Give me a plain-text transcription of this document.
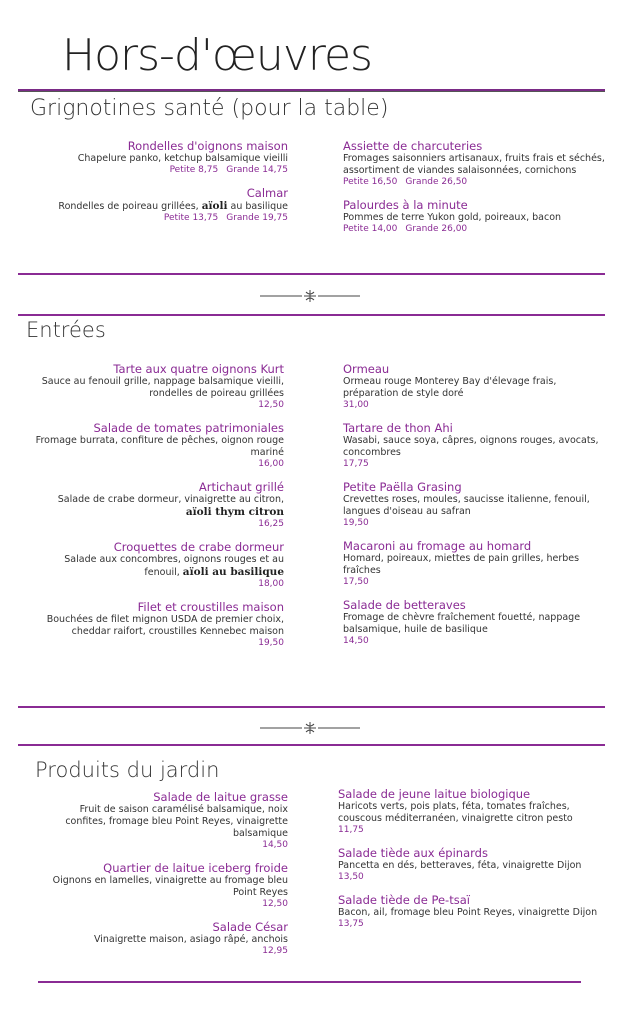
Hors-d'œuvres
Grignotines santé (pour la table)
Rondelles d'oignons maison
Chapelure panko, ketchup balsamique vieilli
Petite 8,75 Grande 14,75
Calmar
Rondelles de poireau grillées, aïoli au basilique
Petite 13,75 Grande 19,75
Assiette de charcuteries
Fromages saisonniers artisanaux, fruits frais et séchés, assortiment de viandes salaisonnées, cornichons
Petite 16,50 Grande 26,50
Palourdes à la minute
Pommes de terre Yukon gold, poireaux, bacon
Petite 14,00 Grande 26,00
Entrées
Tarte aux quatre oignons Kurt
Sauce au fenouil grille, nappage balsamique vieilli, rondelles de poireau grillées
12,50
Salade de tomates patrimoniales
Fromage burrata, confiture de pêches, oignon rouge mariné
16,00
Artichaut grillé
Salade de crabe dormeur, vinaigrette au citron, aïoli thym citron
16,25
Croquettes de crabe dormeur
Salade aux concombres, oignons rouges et au fenouil, aïoli au basilique
18,00
Filet et croustilles maison
Bouchées de filet mignon USDA de premier choix, cheddar raifort, croustilles Kennebec maison
19,50
Ormeau
Ormeau rouge Monterey Bay d'élevage frais, préparation de style doré
31,00
Tartare de thon Ahi
Wasabi, sauce soya, câpres, oignons rouges, avocats, concombres
17,75
Petite Paëlla Grasing
Crevettes roses, moules, saucisse italienne, fenouil, langues d'oiseau au safran
19,50
Macaroni au fromage au homard
Homard, poireaux, miettes de pain grilles, herbes fraîches
17,50
Salade de betteraves
Fromage de chèvre fraîchement fouetté, nappage balsamique, huile de basilique
14,50
Produits du jardin
Salade de laitue grasse
Fruit de saison caramélisé balsamique, noix confites, fromage bleu Point Reyes, vinaigrette balsamique
14,50
Quartier de laitue iceberg froide
Oignons en lamelles, vinaigrette au fromage bleu Point Reyes
12,50
Salade César
Vinaigrette maison, asiago râpé, anchois
12,95
Salade de jeune laitue biologique
Haricots verts, pois plats, féta, tomates fraîches, couscous méditerranéen, vinaigrette citron pesto
11,75
Salade tiède aux épinards
Pancetta en dés, betteraves, féta, vinaigrette Dijon
13,50
Salade tiède de Pe-tsaï
Bacon, ail, fromage bleu Point Reyes, vinaigrette Dijon
13,75
